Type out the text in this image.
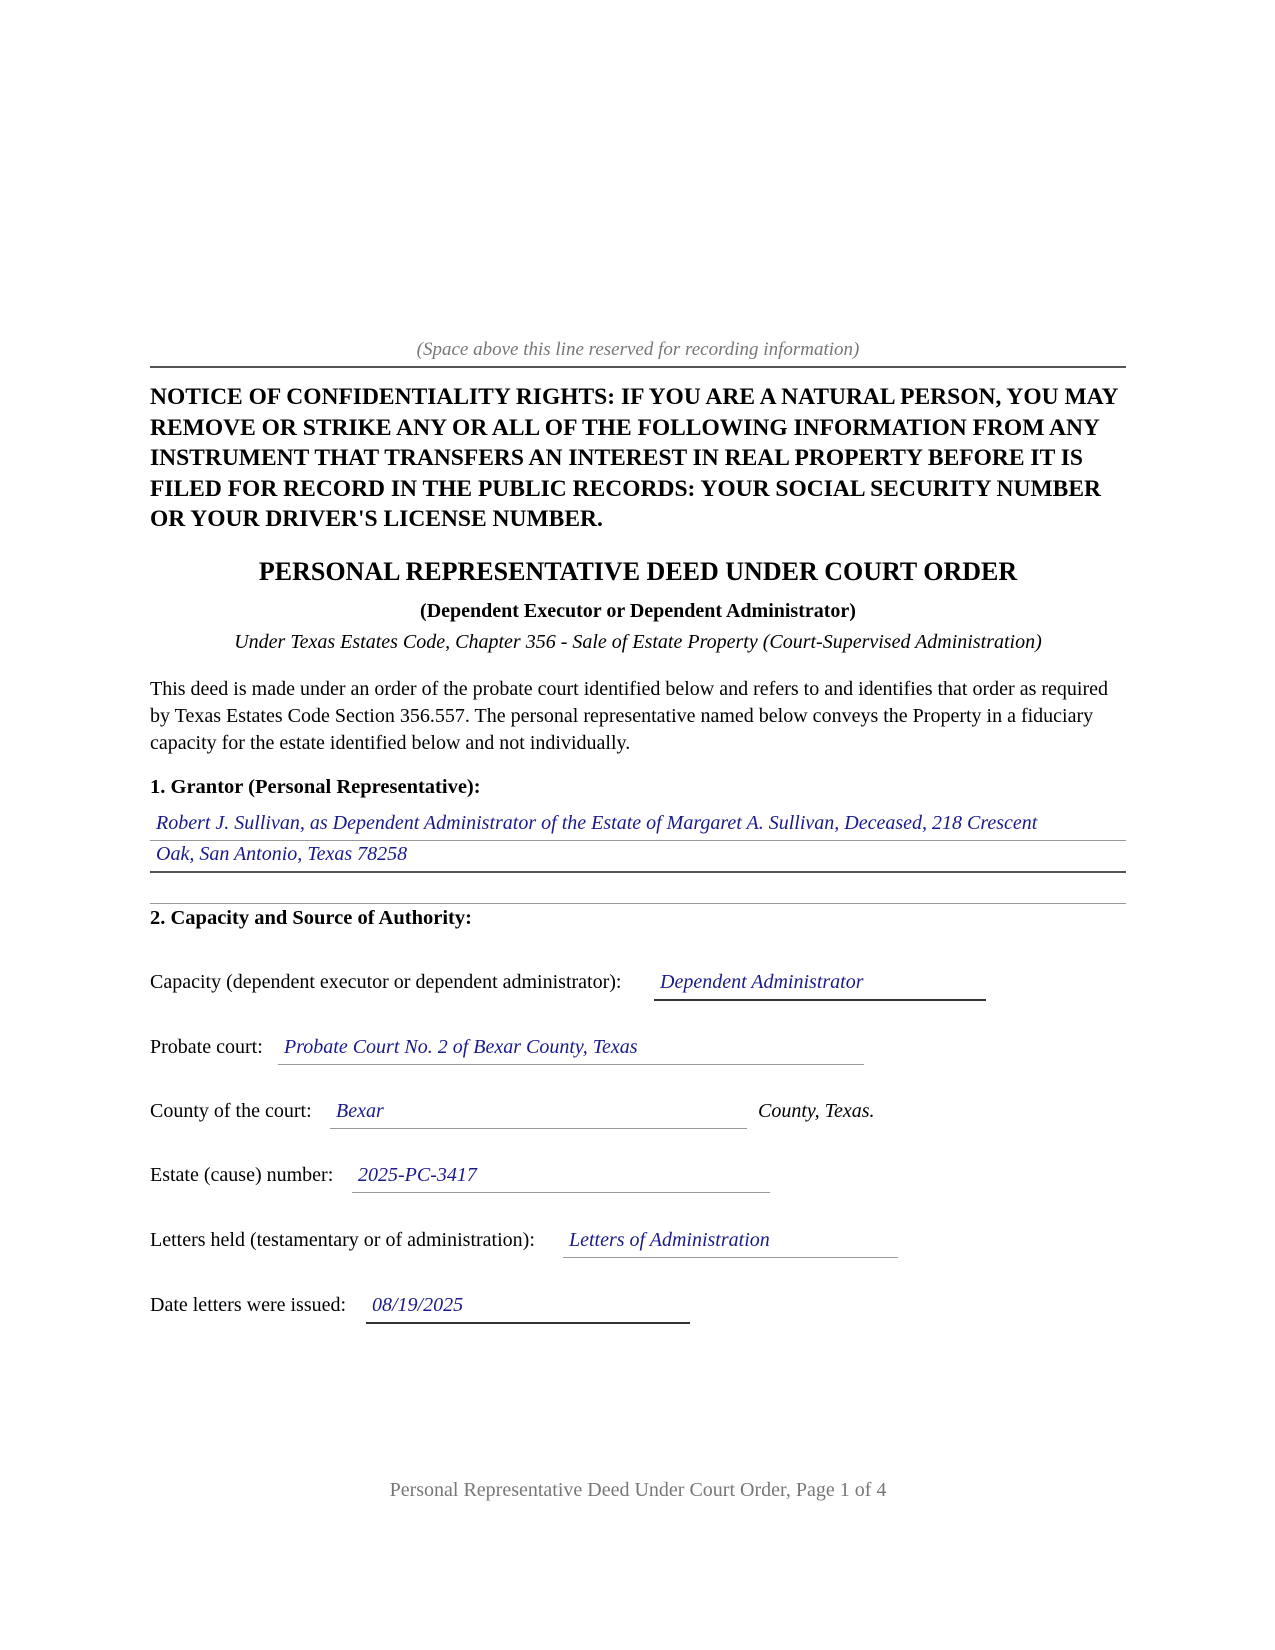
(Space above this line reserved for recording information)
NOTICE OF CONFIDENTIALITY RIGHTS: IF YOU ARE A NATURAL PERSON, YOU MAY REMOVE OR STRIKE ANY OR ALL OF THE FOLLOWING INFORMATION FROM ANY INSTRUMENT THAT TRANSFERS AN INTEREST IN REAL PROPERTY BEFORE IT IS FILED FOR RECORD IN THE PUBLIC RECORDS: YOUR SOCIAL SECURITY NUMBER OR YOUR DRIVER'S LICENSE NUMBER.
PERSONAL REPRESENTATIVE DEED UNDER COURT ORDER
(Dependent Executor or Dependent Administrator)
Under Texas Estates Code, Chapter 356 - Sale of Estate Property (Court-Supervised Administration)
This deed is made under an order of the probate court identified below and refers to and identifies that order as required by Texas Estates Code Section 356.557. The personal representative named below conveys the Property in a fiduciary capacity for the estate identified below and not individually.
1. Grantor (Personal Representative):
Robert J. Sullivan, as Dependent Administrator of the Estate of Margaret A. Sullivan, Deceased, 218 Crescent
Oak, San Antonio, Texas 78258
2. Capacity and Source of Authority:
Capacity (dependent executor or dependent administrator): Dependent Administrator
Probate court: Probate Court No. 2 of Bexar County, Texas
County of the court: Bexar	County, Texas.
Estate (cause) number: 2025-PC-3417
Letters held (testamentary or of administration): Letters of Administration
Date letters were issued: 08/19/2025
Personal Representative Deed Under Court Order, Page 1 of 4
